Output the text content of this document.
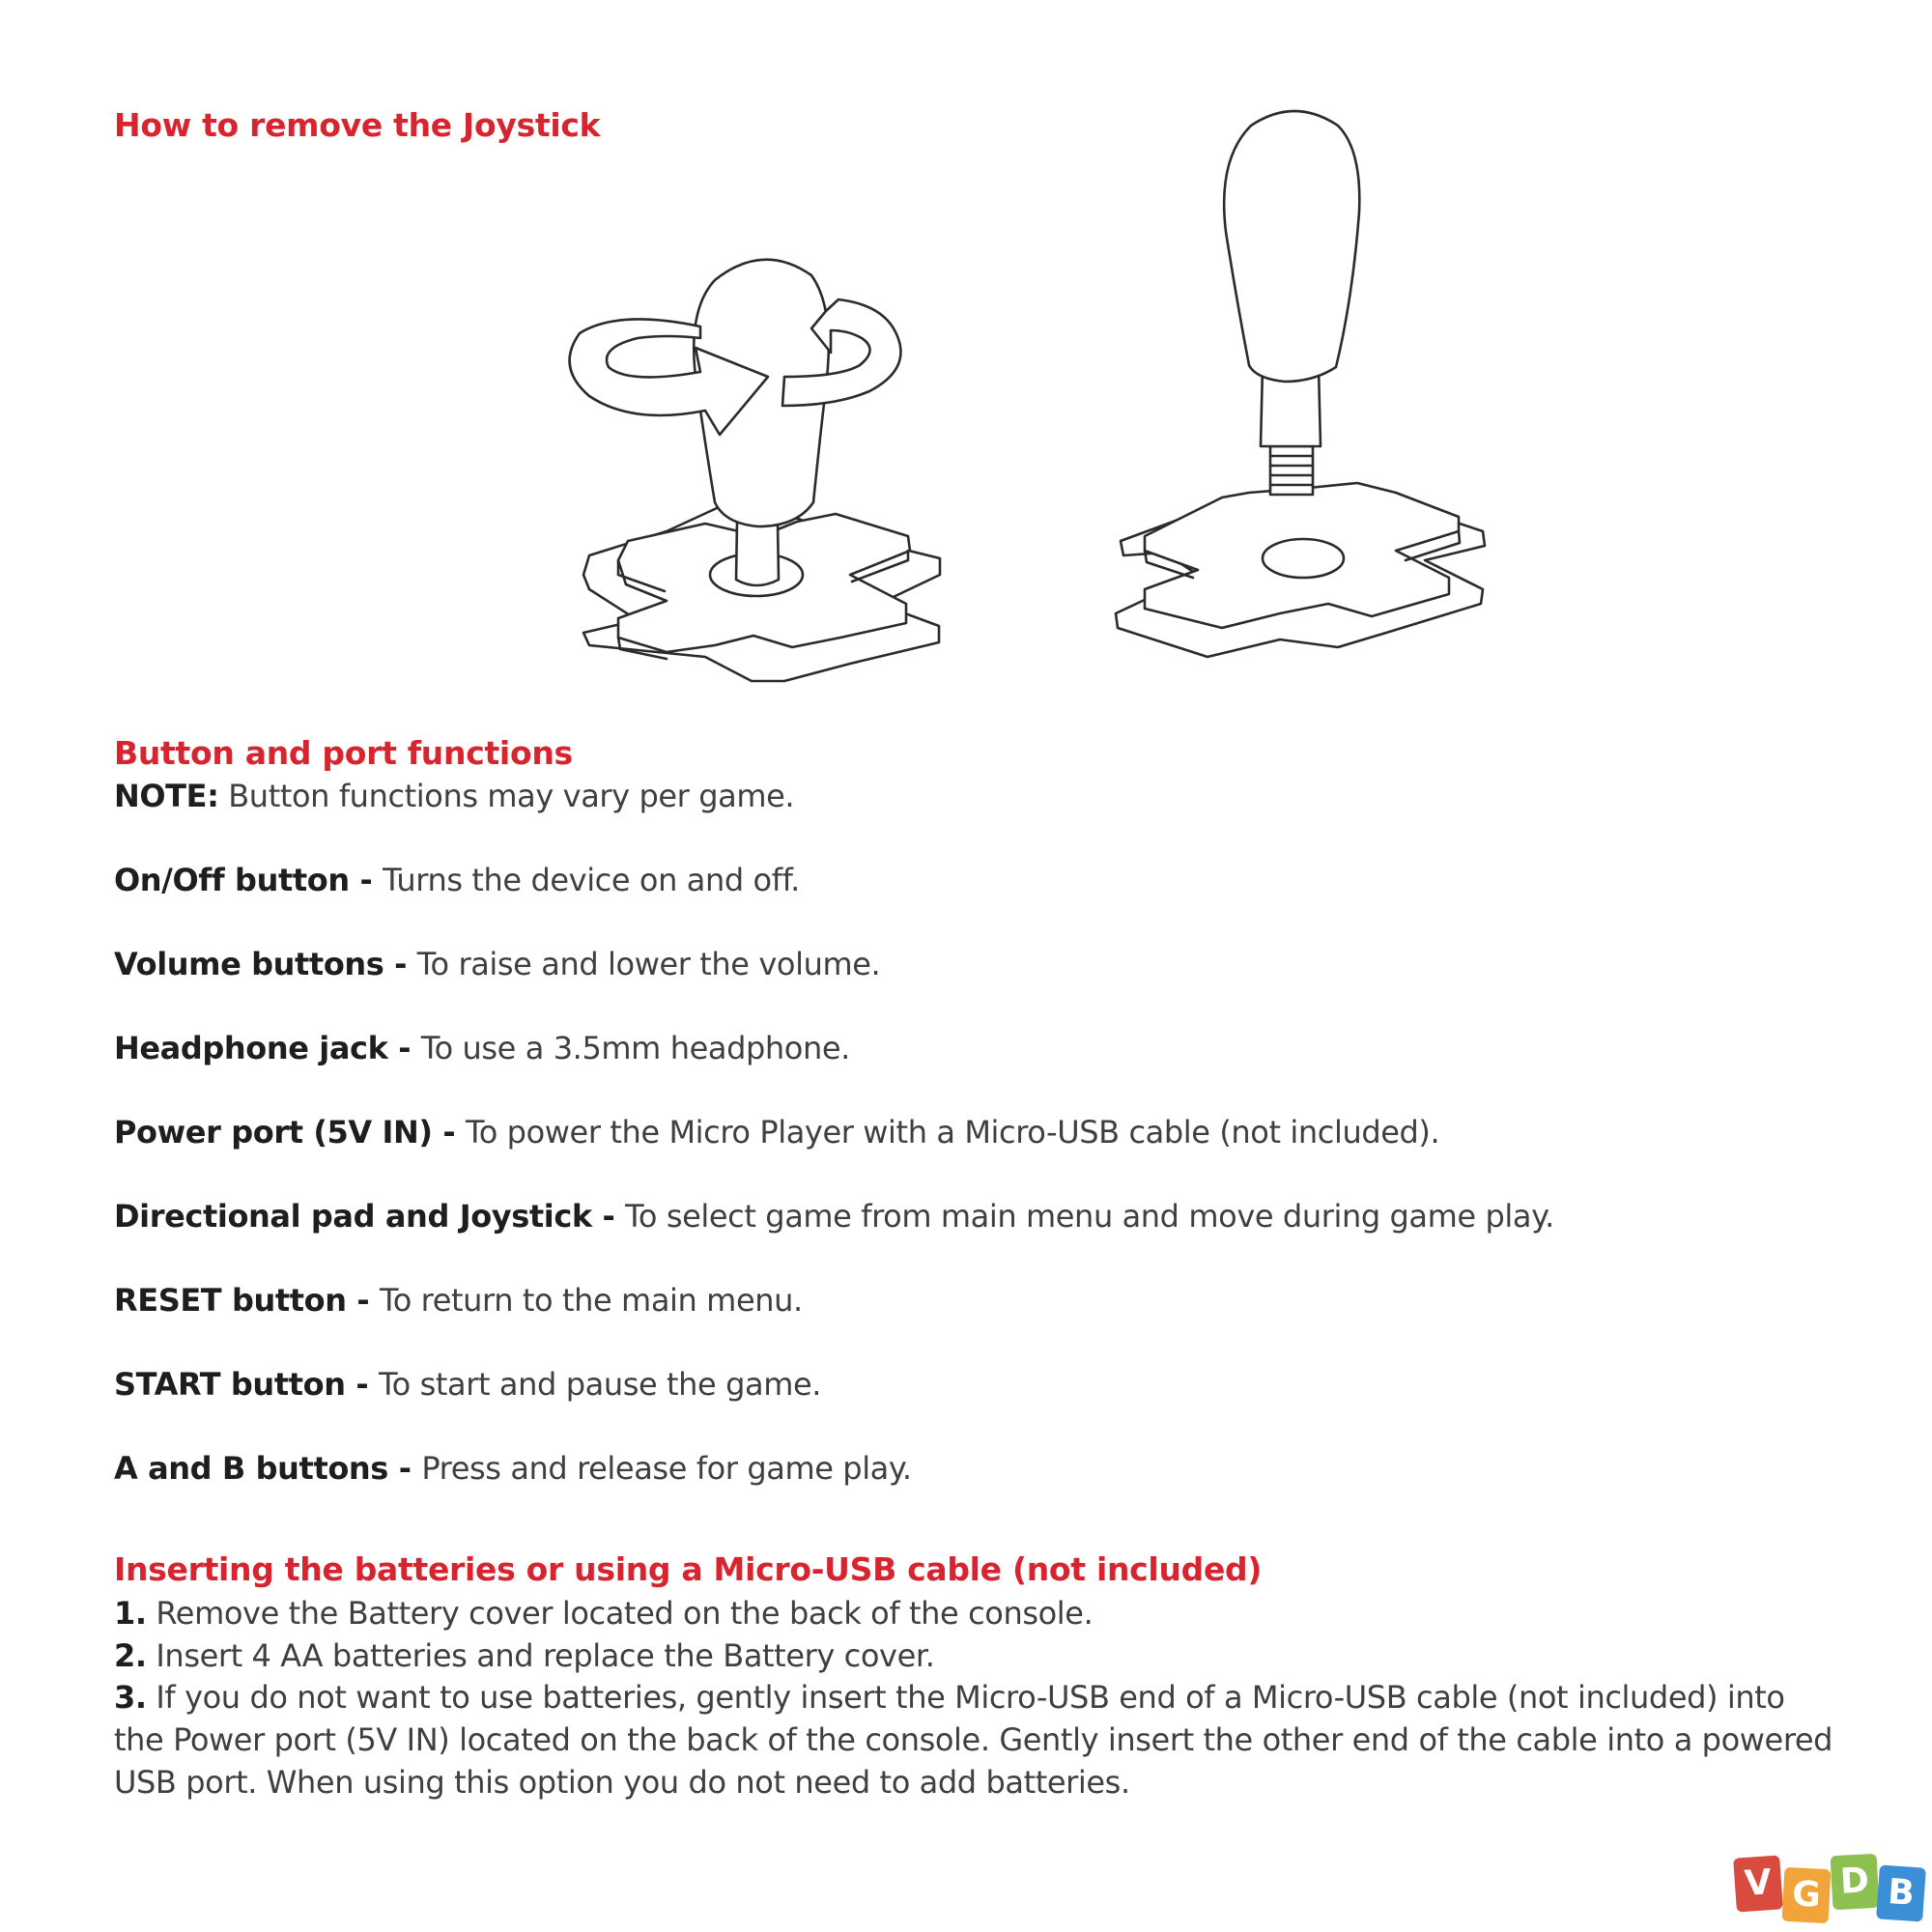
How to remove the Joystick
Button and port functions

NOTE: Button functions may vary per game.

On/Off button - Turns the device on and off.

Volume buttons - To raise and lower the volume.

Headphone jack - To use a 3.5mm headphone.

Power port (5V IN) - To power the Micro Player with a Micro-USB cable (not included).

Directional pad and Joystick - To select game from main menu and move during game play.

RESET button - To return to the main menu.

START button - To start and pause the game.

A and B buttons - Press and release for game play.

Inserting the batteries or using a Micro-USB cable (not included)

1. Remove the Battery cover located on the back of the console.

2. Insert 4 AA batteries and replace the Battery cover.

3. If you do not want to use batteries, gently insert the Micro-USB end of a Micro-USB cable (not included) into the Power port (5V IN) located on the back of the console. Gently insert the other end of the cable into a powered USB port. When using this option you do not need to add batteries.

V G D B
